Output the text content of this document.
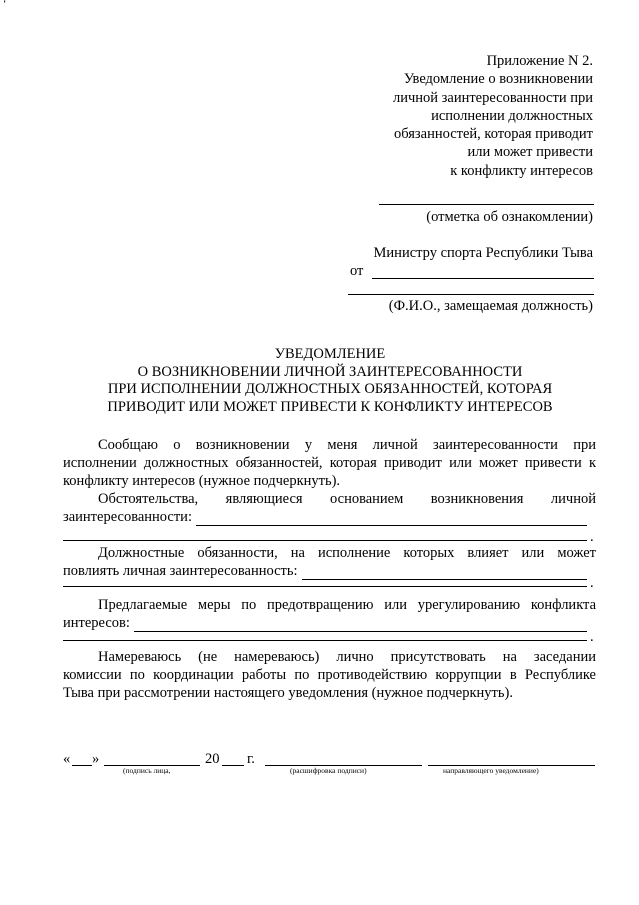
‘
Приложение N 2.
Уведомление о возникновении
личной заинтересованности при
исполнении должностных
обязанностей, которая приводит
или может привести
к конфликту интересов
(отметка об ознакомлении)
Министру спорта Республики Тыва
от
(Ф.И.О., замещаемая должность)
УВЕДОМЛЕНИЕ
О ВОЗНИКНОВЕНИИ ЛИЧНОЙ ЗАИНТЕРЕСОВАННОСТИ
ПРИ ИСПОЛНЕНИИ ДОЛЖНОСТНЫХ ОБЯЗАННОСТЕЙ, КОТОРАЯ
ПРИВОДИТ ИЛИ МОЖЕТ ПРИВЕСТИ К КОНФЛИКТУ ИНТЕРЕСОВ
Сообщаю о возникновении у меня личной заинтересованности при
исполнении должностных обязанностей, которая приводит или может привести к
конфликту интересов (нужное подчеркнуть).
Обстоятельства, являющиеся основанием возникновения личной
заинтересованности:
.
Должностные обязанности, на исполнение которых влияет или может
повлиять личная заинтересованность:
.
Предлагаемые меры по предотвращению или урегулированию конфликта
интересов:
.
Намереваюсь (не намереваюсь) лично присутствовать на заседании
комиссии по координации работы по противодействию коррупции в Республике
Тыва при рассмотрении настоящего уведомления (нужное подчеркнуть).
« »	20 г.
(подпись лица,	(расшифровка подписи)	направляющего уведомление)
